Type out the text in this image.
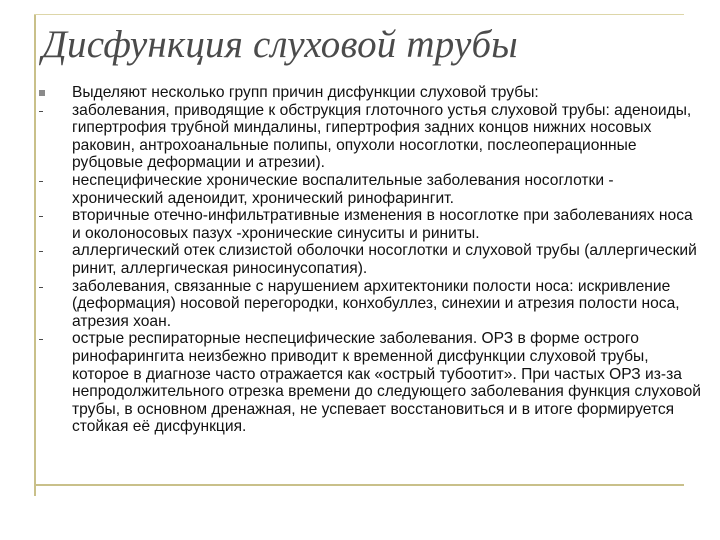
Дисфункция слуховой трубы
Выделяют несколько групп причин дисфункции слуховой трубы:
заболевания, приводящие к обструкция глоточного устья слуховой трубы: аденоиды, гипертрофия трубной миндалины, гипертрофия задних концов нижних носовых раковин, антрохоанальные полипы, опухоли носоглотки, послеоперационные рубцовые деформации и атрезии).
неспецифические хронические воспалительные заболевания носоглотки - хронический аденоидит, хронический ринофарингит.
вторичные отечно-инфильтративные изменения в носоглотке при заболеваниях носа и околоносовых пазух -хронические синуситы и риниты.
аллергический отек слизистой оболочки носоглотки и слуховой трубы (аллергический ринит, аллергическая риносинусопатия).
заболевания, связанные с нарушением архитектоники полости носа: искривление (деформация) носовой перегородки, конхобуллез, синехии и атрезия полости носа, атрезия хоан.
острые респираторные неспецифические заболевания. ОРЗ в форме острого ринофарингита неизбежно приводит к временной дисфункции слуховой трубы, которое в диагнозе часто отражается как «острый тубоотит». При частых ОРЗ из-за непродолжительного отрезка времени до следующего заболевания функция слуховой трубы, в основном дренажная, не успевает восстановиться и в итоге формируется стойкая её дисфункция.
